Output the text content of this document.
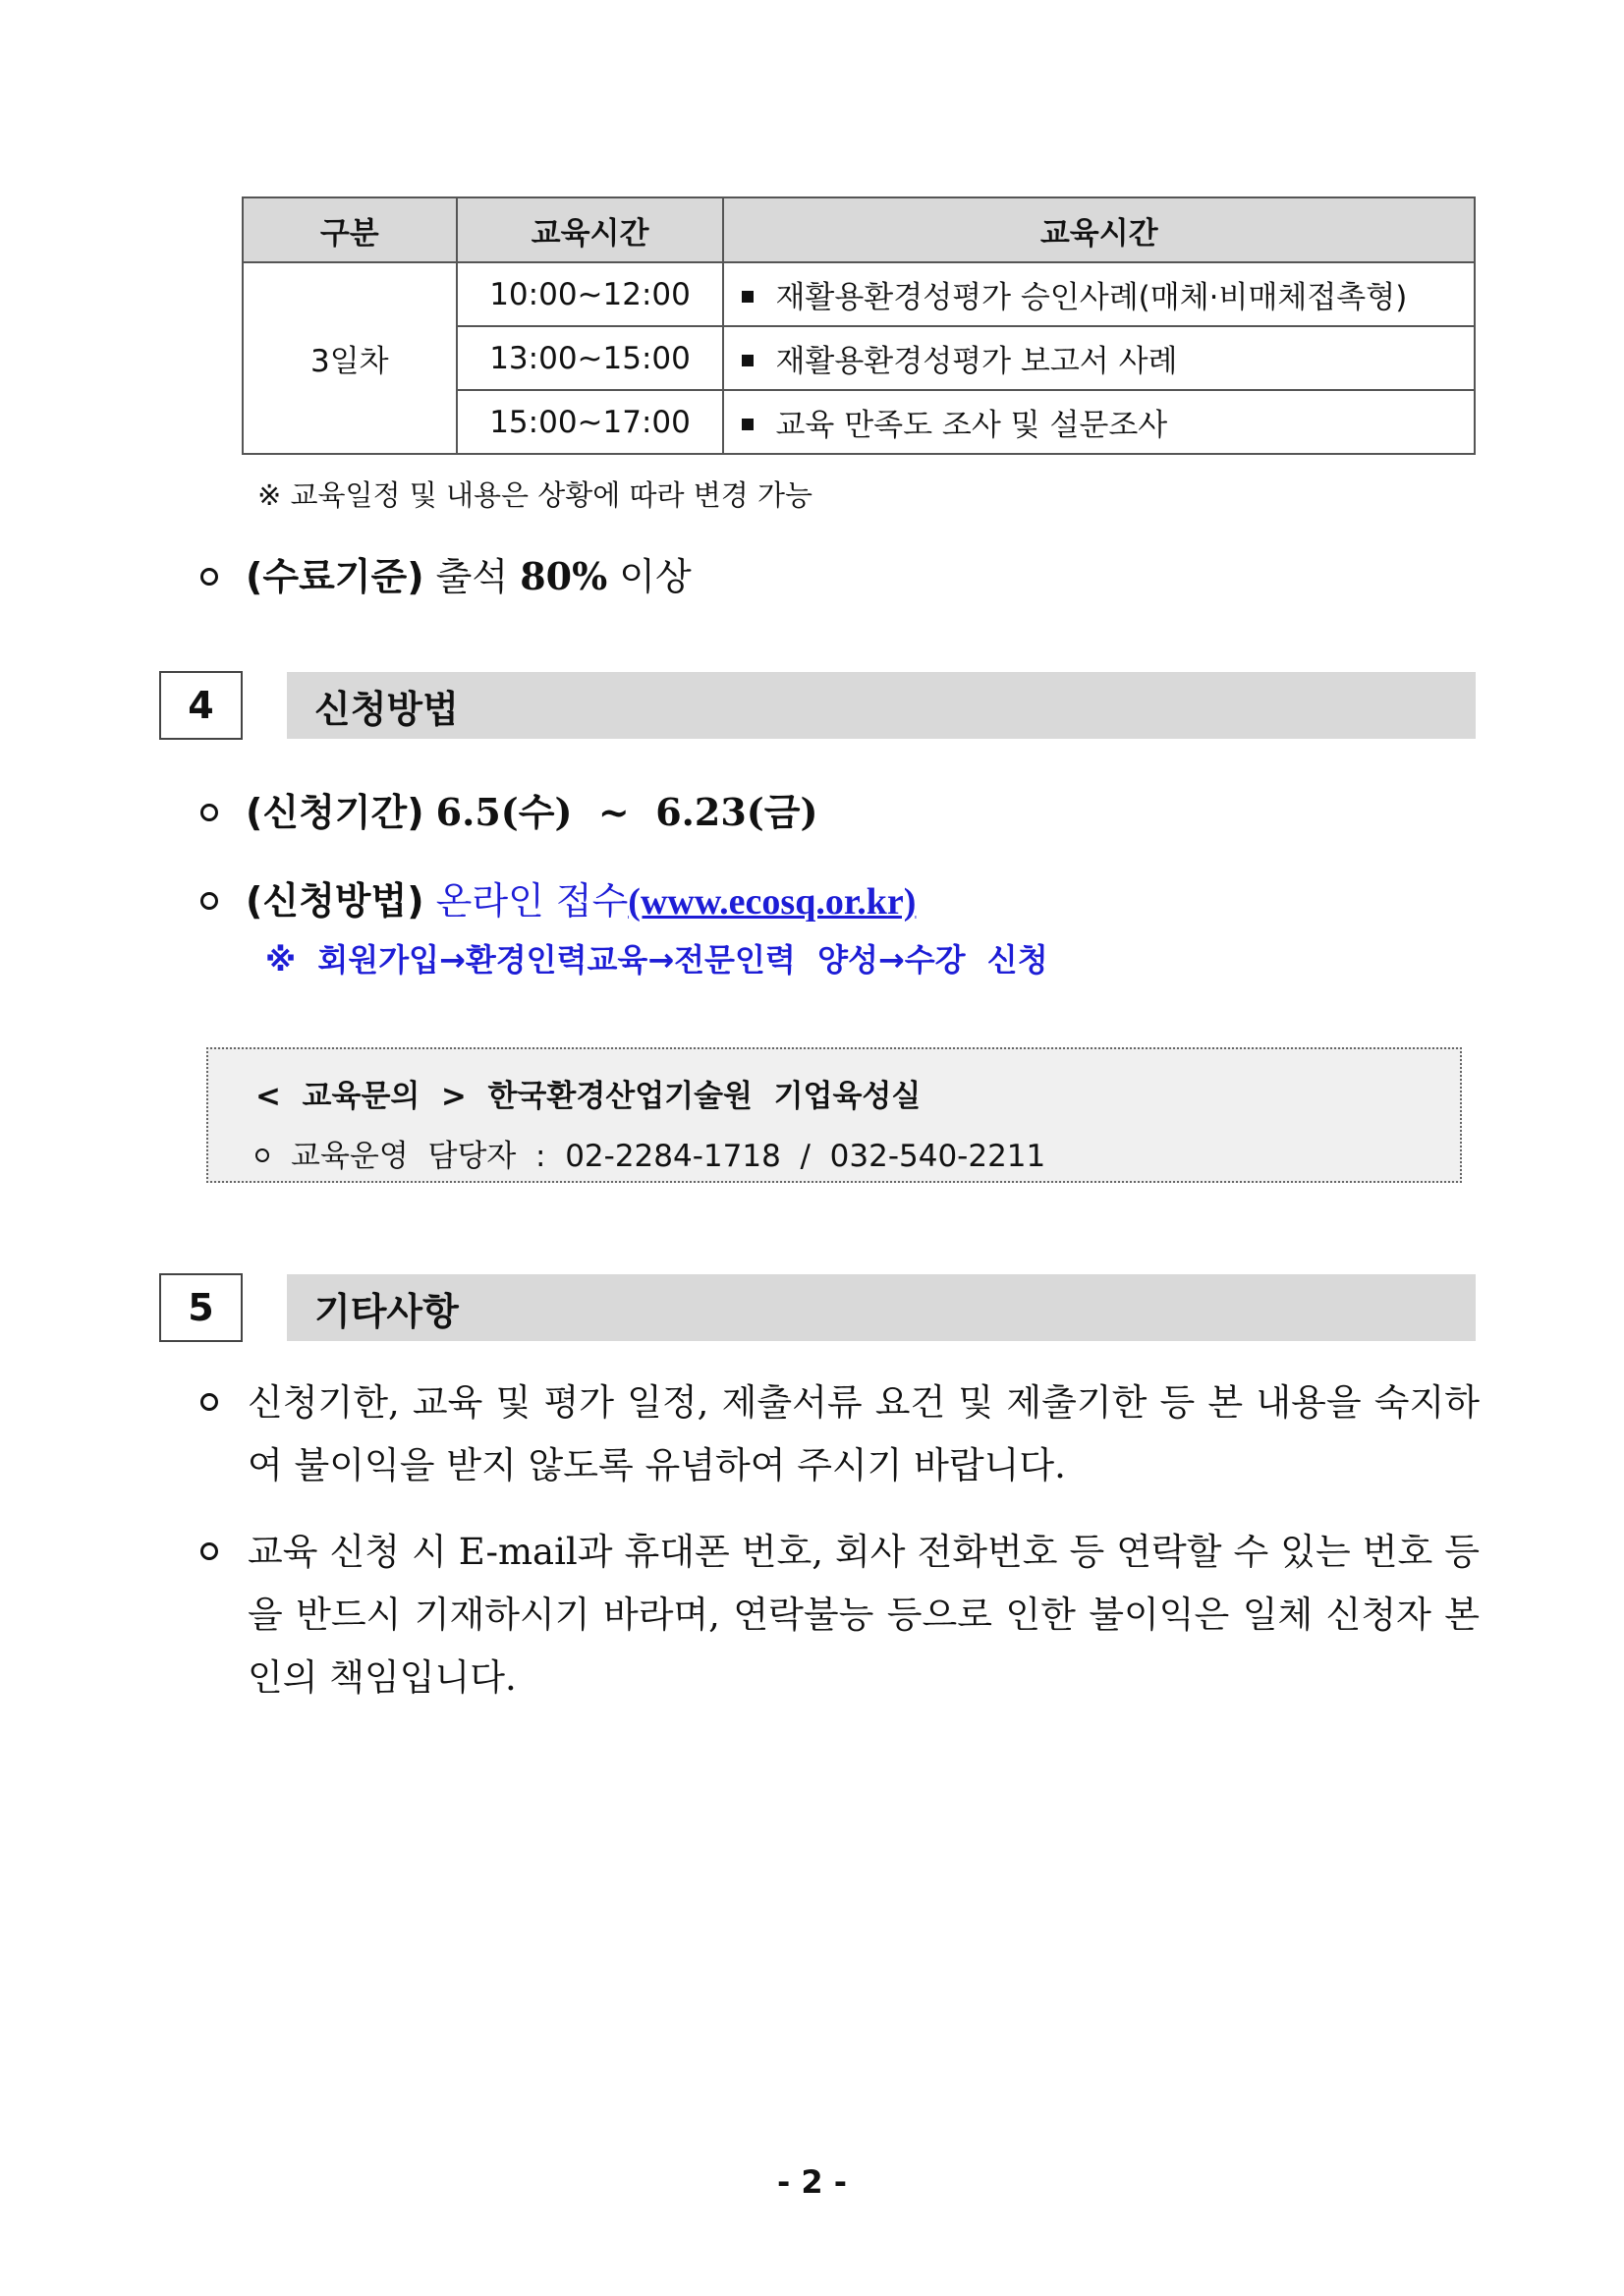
구분	교육시간	교육시간
3일차	10:00~12:00	재활용환경성평가 승인사례(매체·비매체접촉형)
	13:00~15:00	재활용환경성평가 보고서 사례
	15:00~17:00	교육 만족도 조사 및 설문조사
※ 교육일정 및 내용은 상황에 따라 변경 가능
(수료기준) 출석 80% 이상
4	신청방법
(신청기간) 6.5(수)  ~  6.23(금)
(신청방법) 온라인 접수(www.ecosq.or.kr)
※  회원가입→환경인력교육→전문인력  양성→수강  신청
<  교육문의  >  한국환경산업기술원  기업육성실
교육운영  담당자  :  02-2284-1718  /  032-540-2211
5	기타사항
신청기한, 교육 및 평가 일정, 제출서류 요건 및 제출기한 등 본 내용을 숙지하여 불이익을 받지 않도록 유념하여 주시기 바랍니다.
교육 신청 시 E-mail과 휴대폰 번호, 회사 전화번호 등 연락할 수 있는 번호 등을 반드시 기재하시기 바라며, 연락불능 등으로 인한 불이익은 일체 신청자 본인의 책임입니다.
- 2 -
